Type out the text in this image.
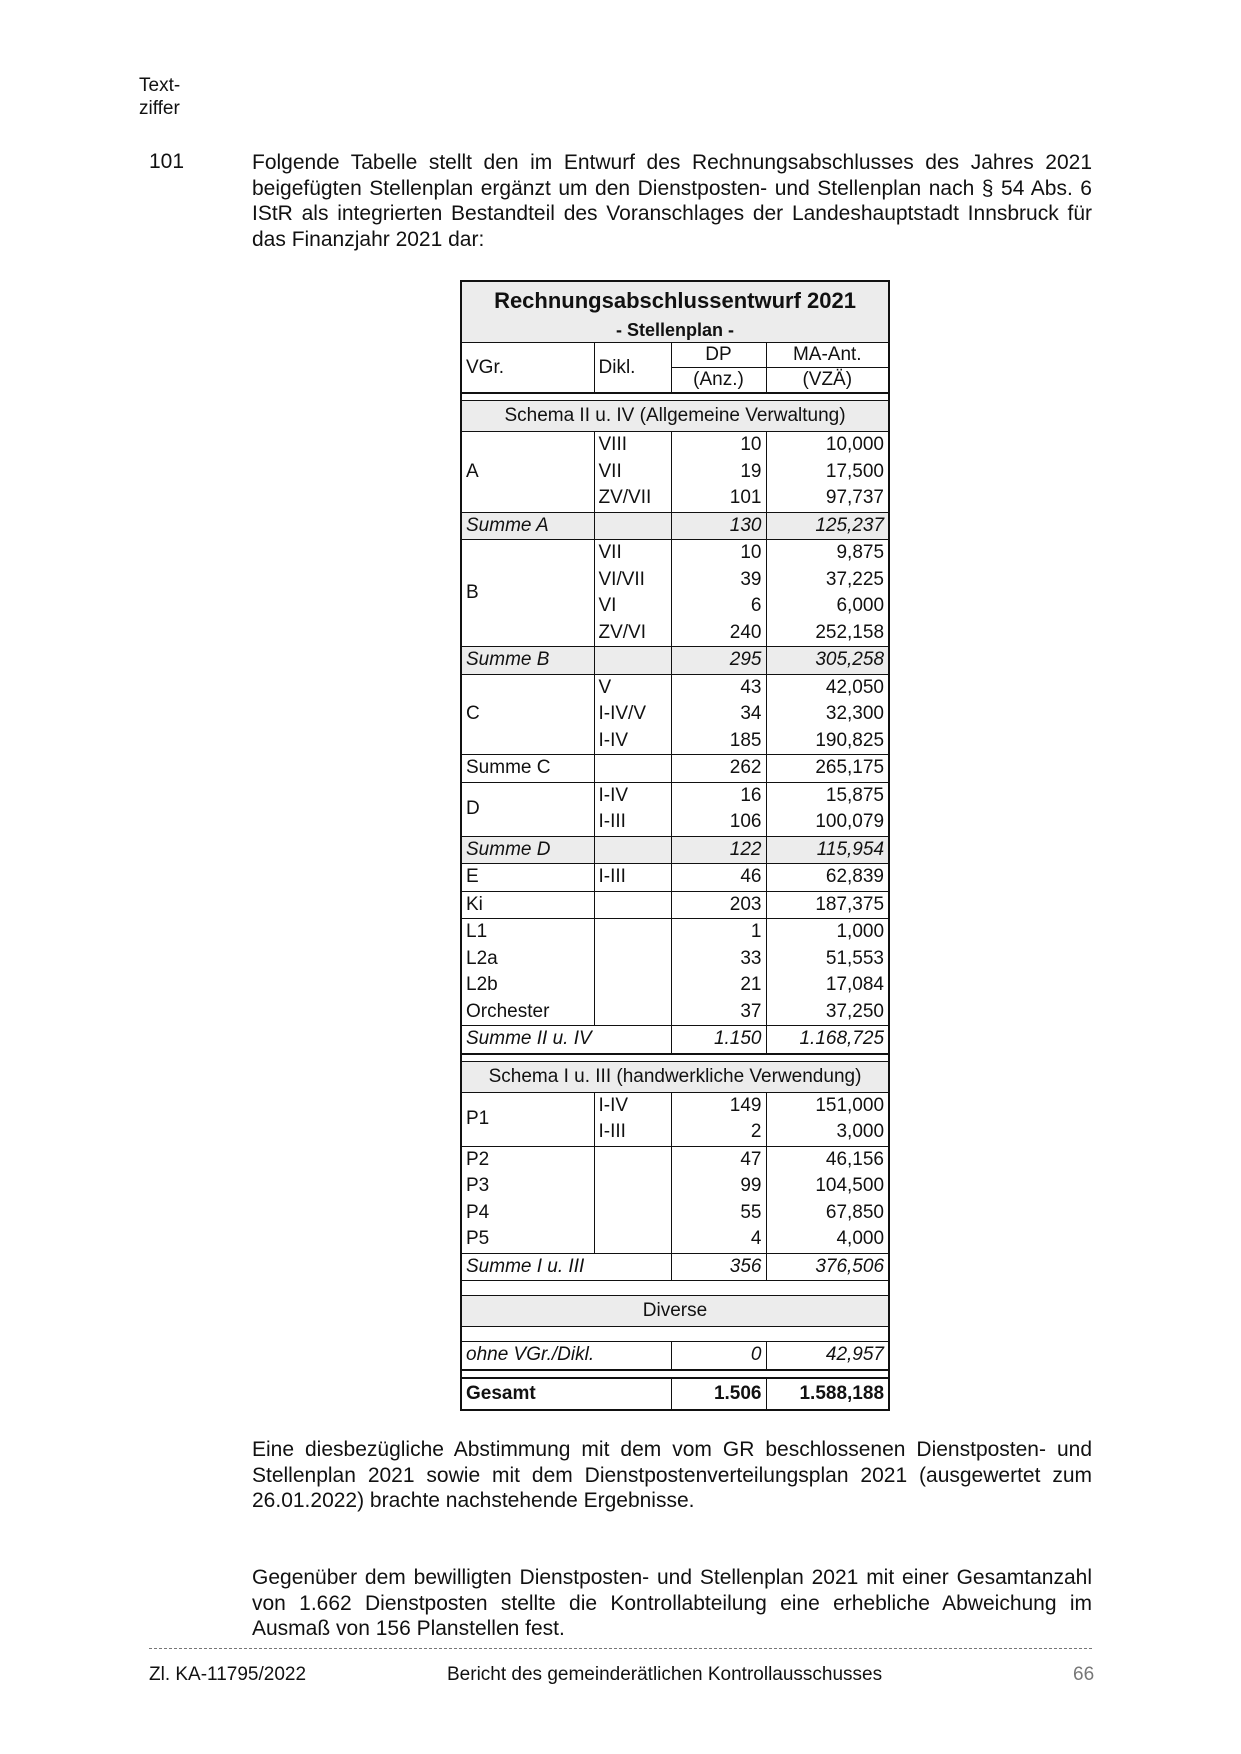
Text-
ziffer
101	Folgende Tabelle stellt den im Entwurf des Rechnungsabschlusses des Jahres 2021 beigefügten Stellenplan ergänzt um den Dienstposten- und Stellenplan nach § 54 Abs. 6 IStR als integrierten Bestandteil des Voranschlages der Landeshauptstadt Innsbruck für das Finanzjahr 2021 dar:

Rechnungsabschlussentwurf 2021			
- Stellenplan -			
VGr.	Dikl.	DP	MA-Ant.
		(Anz.)	(VZÄ)

Schema II u. IV (Allgemeine Verwaltung)			
A	VIII	10	10,000
	VII	19	17,500
	ZV/VII	101	97,737
Summe A		130	125,237
B	VII	10	9,875
	VI/VII	39	37,225
	VI	6	6,000
	ZV/VI	240	252,158
Summe B		295	305,258
C	V	43	42,050
	I-IV/V	34	32,300
	I-IV	185	190,825
Summe C		262	265,175
D	I-IV	16	15,875
	I-III	106	100,079
Summe D		122	115,954
E	I-III	46	62,839
Ki		203	187,375
L1		1	1,000
L2a		33	51,553
L2b		21	17,084
Orchester		37	37,250
Summe II u. IV		1.150	1.168,725

Schema I u. III (handwerkliche Verwendung)			
P1	I-IV	149	151,000
	I-III	2	3,000
P2		47	46,156
P3		99	104,500
P4		55	67,850
P5		4	4,000
Summe I u. III		356	376,506

Diverse			

ohne VGr./Dikl.		0	42,957

Gesamt		1.506	1.588,188

Eine diesbezügliche Abstimmung mit dem vom GR beschlossenen Dienstposten- und Stellenplan 2021 sowie mit dem Dienstpostenverteilungsplan 2021 (ausgewertet zum 26.01.2022) brachte nachstehende Ergebnisse.

Gegenüber dem bewilligten Dienstposten- und Stellenplan 2021 mit einer Gesamtanzahl von 1.662 Dienstposten stellte die Kontrollabteilung eine erhebliche Abweichung im Ausmaß von 156 Planstellen fest.

Zl. KA-11795/2022	Bericht des gemeinderätlichen Kontrollausschusses	66
